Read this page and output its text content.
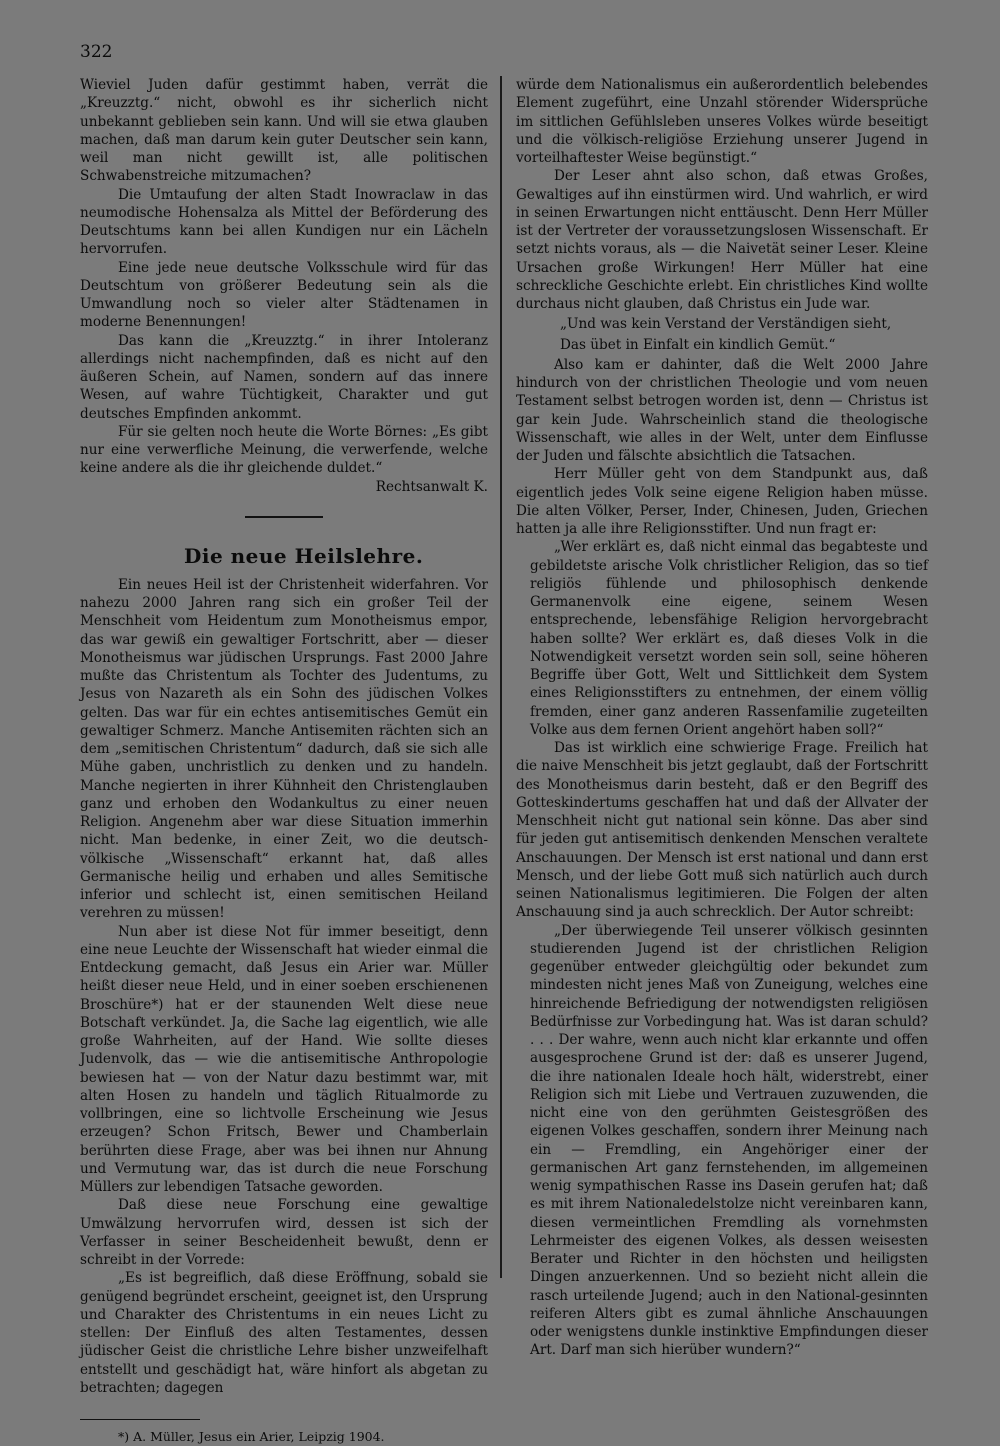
322

Wieviel Juden dafür gestimmt haben, verrät die „Kreuzztg.“ nicht, obwohl es ihr sicherlich nicht unbekannt geblieben sein kann. Und will sie etwa glauben machen, daß man darum kein guter Deutscher sein kann, weil man nicht gewillt ist, alle politischen Schwabenstreiche mitzumachen?

Die Umtaufung der alten Stadt Inowraclaw in das neumodische Hohensalza als Mittel der Beförderung des Deutschtums kann bei allen Kundigen nur ein Lächeln hervorrufen.

Eine jede neue deutsche Volksschule wird für das Deutschtum von größerer Bedeutung sein als die Umwandlung noch so vieler alter Städtenamen in moderne Benennungen!

Das kann die „Kreuzztg.“ in ihrer Intoleranz allerdings nicht nachempfinden, daß es nicht auf den äußeren Schein, auf Namen, sondern auf das innere Wesen, auf wahre Tüchtigkeit, Charakter und gut deutsches Empfinden ankommt.

Für sie gelten noch heute die Worte Börnes: „Es gibt nur eine verwerfliche Meinung, die verwerfende, welche keine andere als die ihr gleichende duldet.“

Rechtsanwalt K.

Die neue Heilslehre.

Ein neues Heil ist der Christenheit widerfahren. Vor nahezu 2000 Jahren rang sich ein großer Teil der Menschheit vom Heidentum zum Monotheismus empor, das war gewiß ein gewaltiger Fortschritt, aber — dieser Monotheismus war jüdischen Ursprungs. Fast 2000 Jahre mußte das Christentum als Tochter des Judentums, zu Jesus von Nazareth als ein Sohn des jüdischen Volkes gelten. Das war für ein echtes antisemitisches Gemüt ein gewaltiger Schmerz. Manche Antisemiten rächten sich an dem „semitischen Christentum“ dadurch, daß sie sich alle Mühe gaben, unchristlich zu denken und zu handeln. Manche negierten in ihrer Kühnheit den Christenglauben ganz und erhoben den Wodankultus zu einer neuen Religion. Angenehm aber war diese Situation immerhin nicht. Man bedenke, in einer Zeit, wo die deutsch-völkische „Wissenschaft“ erkannt hat, daß alles Germanische heilig und erhaben und alles Semitische inferior und schlecht ist, einen semitischen Heiland verehren zu müssen!

Nun aber ist diese Not für immer beseitigt, denn eine neue Leuchte der Wissenschaft hat wieder einmal die Entdeckung gemacht, daß Jesus ein Arier war. Müller heißt dieser neue Held, und in einer soeben erschienenen Broschüre*) hat er der staunenden Welt diese neue Botschaft verkündet. Ja, die Sache lag eigentlich, wie alle große Wahrheiten, auf der Hand. Wie sollte dieses Judenvolk, das — wie die antisemitische Anthropologie bewiesen hat — von der Natur dazu bestimmt war, mit alten Hosen zu handeln und täglich Ritualmorde zu vollbringen, eine so lichtvolle Erscheinung wie Jesus erzeugen? Schon Fritsch, Bewer und Chamberlain berührten diese Frage, aber was bei ihnen nur Ahnung und Vermutung war, das ist durch die neue Forschung Müllers zur lebendigen Tatsache geworden.

Daß diese neue Forschung eine gewaltige Umwälzung hervorrufen wird, dessen ist sich der Verfasser in seiner Bescheidenheit bewußt, denn er schreibt in der Vorrede:

„Es ist begreiflich, daß diese Eröffnung, sobald sie genügend begründet erscheint, geeignet ist, den Ursprung und Charakter des Christentums in ein neues Licht zu stellen: Der Einfluß des alten Testamentes, dessen jüdischer Geist die christliche Lehre bisher unzweifelhaft entstellt und geschädigt hat, wäre hinfort als abgetan zu betrachten; dagegen

*) A. Müller, Jesus ein Arier, Leipzig 1904.

würde dem Nationalismus ein außerordentlich belebendes Element zugeführt, eine Unzahl störender Widersprüche im sittlichen Gefühlsleben unseres Volkes würde beseitigt und die völkisch-religiöse Erziehung unserer Jugend in vorteilhaftester Weise begünstigt.“

Der Leser ahnt also schon, daß etwas Großes, Gewaltiges auf ihn einstürmen wird. Und wahrlich, er wird in seinen Erwartungen nicht enttäuscht. Denn Herr Müller ist der Vertreter der voraussetzungslosen Wissenschaft. Er setzt nichts voraus, als — die Naivetät seiner Leser. Kleine Ursachen große Wirkungen! Herr Müller hat eine schreckliche Geschichte erlebt. Ein christliches Kind wollte durchaus nicht glauben, daß Christus ein Jude war.

„Und was kein Verstand der Verständigen sieht,

Das übet in Einfalt ein kindlich Gemüt.“

Also kam er dahinter, daß die Welt 2000 Jahre hindurch von der christlichen Theologie und vom neuen Testament selbst betrogen worden ist, denn — Christus ist gar kein Jude. Wahrscheinlich stand die theologische Wissenschaft, wie alles in der Welt, unter dem Einflusse der Juden und fälschte absichtlich die Tatsachen.

Herr Müller geht von dem Standpunkt aus, daß eigentlich jedes Volk seine eigene Religion haben müsse. Die alten Völker, Perser, Inder, Chinesen, Juden, Griechen hatten ja alle ihre Religionsstifter. Und nun fragt er:

„Wer erklärt es, daß nicht einmal das begabteste und gebildetste arische Volk christlicher Religion, das so tief religiös fühlende und philosophisch denkende Germanenvolk eine eigene, seinem Wesen entsprechende, lebensfähige Religion hervorgebracht haben sollte? Wer erklärt es, daß dieses Volk in die Notwendigkeit versetzt worden sein soll, seine höheren Begriffe über Gott, Welt und Sittlichkeit dem System eines Religionsstifters zu entnehmen, der einem völlig fremden, einer ganz anderen Rassenfamilie zugeteilten Volke aus dem fernen Orient angehört haben soll?“

Das ist wirklich eine schwierige Frage. Freilich hat die naive Menschheit bis jetzt geglaubt, daß der Fortschritt des Monotheismus darin besteht, daß er den Begriff des Gotteskindertums geschaffen hat und daß der Allvater der Menschheit nicht gut national sein könne. Das aber sind für jeden gut antisemitisch denkenden Menschen veraltete Anschauungen. Der Mensch ist erst national und dann erst Mensch, und der liebe Gott muß sich natürlich auch durch seinen Nationalismus legitimieren. Die Folgen der alten Anschauung sind ja auch schrecklich. Der Autor schreibt:

„Der überwiegende Teil unserer völkisch gesinnten studierenden Jugend ist der christlichen Religion gegenüber entweder gleichgültig oder bekundet zum mindesten nicht jenes Maß von Zuneigung, welches eine hinreichende Befriedigung der notwendigsten religiösen Bedürfnisse zur Vorbedingung hat. Was ist daran schuld? . . . Der wahre, wenn auch nicht klar erkannte und offen ausgesprochene Grund ist der: daß es unserer Jugend, die ihre nationalen Ideale hoch hält, widerstrebt, einer Religion sich mit Liebe und Vertrauen zuzuwenden, die nicht eine von den gerühmten Geistesgrößen des eigenen Volkes geschaffen, sondern ihrer Meinung nach ein — Fremdling, ein Angehöriger einer der germanischen Art ganz fernstehenden, im allgemeinen wenig sympathischen Rasse ins Dasein gerufen hat; daß es mit ihrem Nationaledelstolze nicht vereinbaren kann, diesen vermeintlichen Fremdling als vornehmsten Lehrmeister des eigenen Volkes, als dessen weisesten Berater und Richter in den höchsten und heiligsten Dingen anzuerkennen. Und so bezieht nicht allein die rasch urteilende Jugend; auch in den National-gesinnten reiferen Alters gibt es zumal ähnliche Anschauungen oder wenigstens dunkle instinktive Empfindungen dieser Art. Darf man sich hierüber wundern?“
